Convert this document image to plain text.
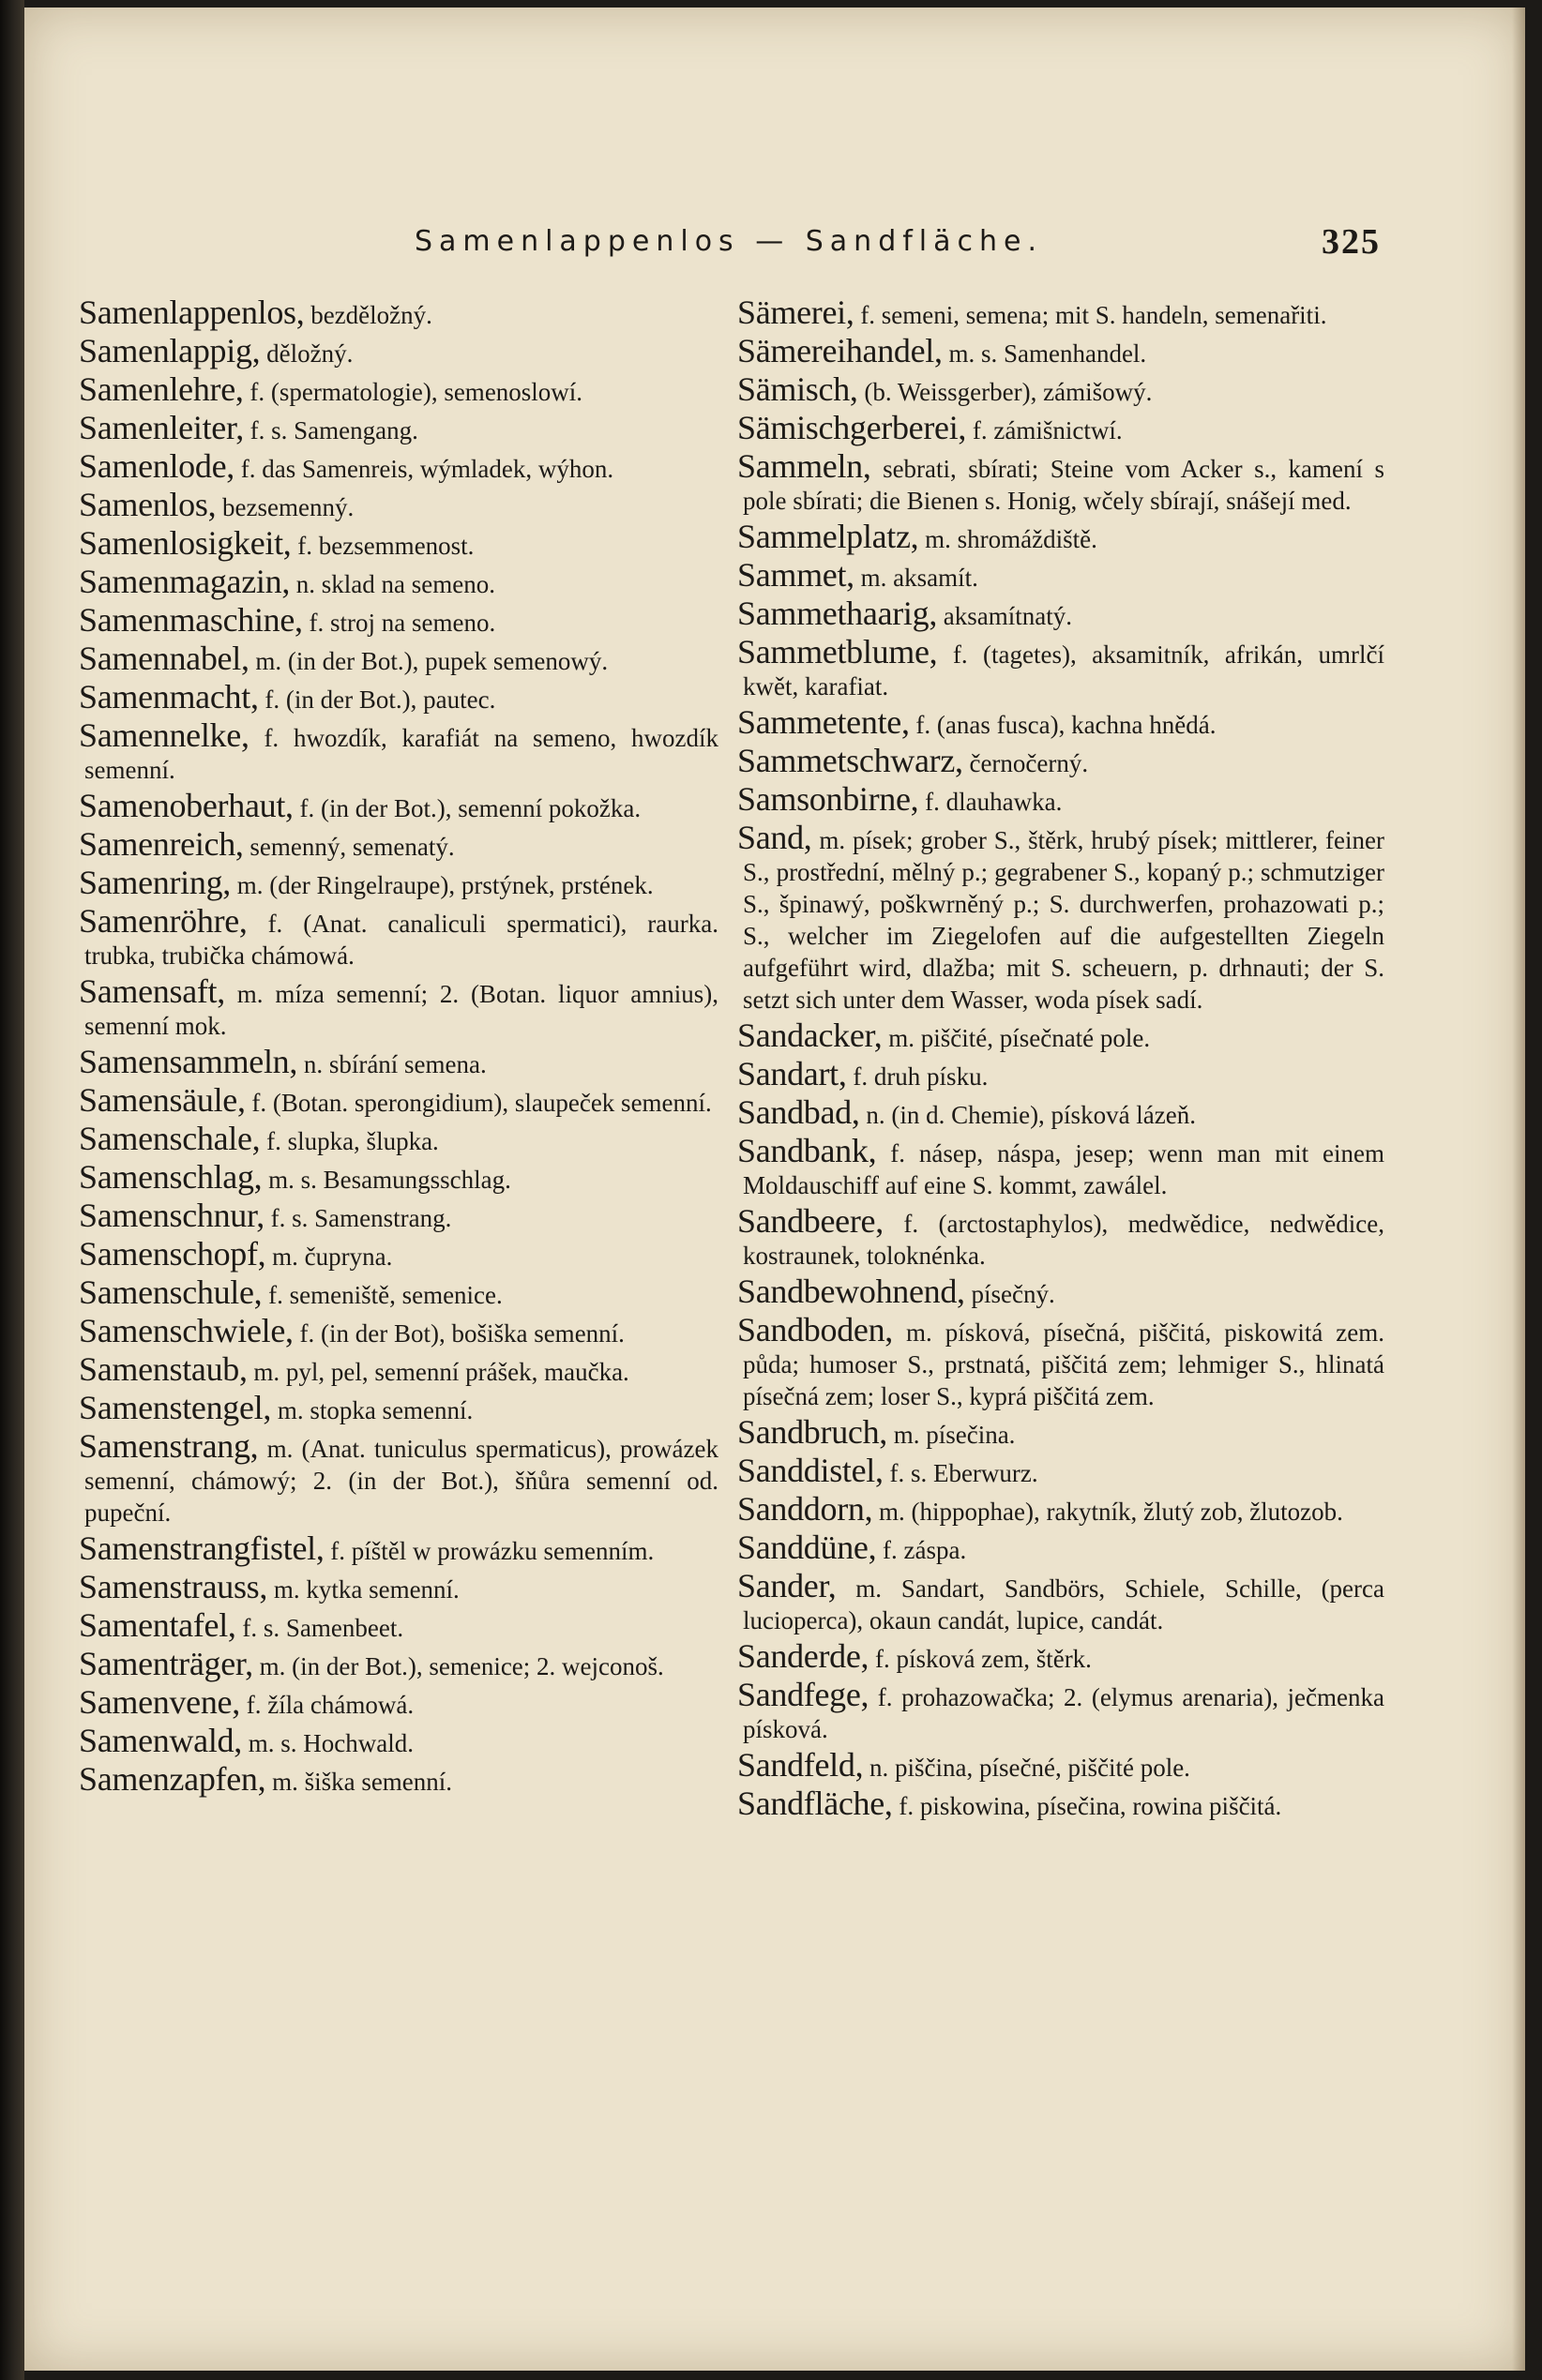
Samenlappenlos — Sandfläche.	325

Samenlappenlos, bezděložný.

Samenlappig, děložný.

Samenlehre, f. (spermatologie), semenoslowí.

Samenleiter, f. s. Samengang.

Samenlode, f. das Samenreis, wýmladek, wýhon.

Samenlos, bezsemenný.

Samenlosigkeit, f. bezsemmenost.

Samenmagazin, n. sklad na semeno.

Samenmaschine, f. stroj na semeno.

Samennabel, m. (in der Bot.), pupek semenowý.

Samenmacht, f. (in der Bot.), pautec.

Samennelke, f. hwozdík, karafiát na semeno, hwozdík semenní.

Samenoberhaut, f. (in der Bot.), semenní pokožka.

Samenreich, semenný, semenatý.

Samenring, m. (der Ringelraupe), prstýnek, prstének.

Samenröhre, f. (Anat. canaliculi spermatici), raurka. trubka, trubička chámowá.

Samensaft, m. mízа semenní; 2. (Botan. liquor amnius), semenní mok.

Samensammeln, n. sbírání semena.

Samensäule, f. (Botan. sperongidium), slaupeček semenní.

Samenschale, f. slupka, šlupka.

Samenschlag, m. s. Besamungsschlag.

Samenschnur, f. s. Samenstrang.

Samenschopf, m. čupryna.

Samenschule, f. semeniště, semenice.

Samenschwiele, f. (in der Bot), bošiška semenní.

Samenstaub, m. pyl, pel, semenní prášek, maučka.

Samenstengel, m. stopka semenní.

Samenstrang, m. (Anat. tuniculus spermaticus), prowázek semenní, chámowý; 2. (in der Bot.), šňůra semenní od. pupeční.

Samenstrangfistel, f. píštěl w prowázku semenním.

Samenstrauss, m. kytka semenní.

Samentafel, f. s. Samenbeet.

Samenträger, m. (in der Bot.), semenice; 2. wejconoš.

Samenvene, f. žíla chámowá.

Samenwald, m. s. Hochwald.

Samenzapfen, m. šiška semenní.

Sämerei, f. semeni, semena; mit S. handeln, semenařiti.

Sämereihandel, m. s. Samenhandel.

Sämisch, (b. Weissgerber), zámišowý.

Sämischgerberei, f. zámišnictwí.

Sammeln, sebrati, sbírati; Steine vom Acker s., kamení s pole sbírati; die Bienen s. Honig, wčely sbírají, snášejí med.

Sammelplatz, m. shromáždiště.

Sammet, m. aksamít.

Sammethaarig, aksamítnatý.

Sammetblume, f. (tagetes), aksamitník, afrikán, umrlčí kwět, karafiat.

Sammetente, f. (anas fusca), kachna hnědá.

Sammetschwarz, černočerný.

Samsonbirne, f. dlauhawka.

Sand, m. písek; grober S., štěrk, hrubý písek; mittlerer, feiner S., prostřední, mělný p.; gegrabener S., kopaný p.; schmutziger S., špinawý, poškwrněný p.; S. durchwerfen, prohazowati p.; S., welcher im Ziegelofen auf die aufgestellten Ziegeln aufgeführt wird, dlažba; mit S. scheuern, p. drhnauti; der S. setzt sich unter dem Wasser, woda písek sadí.

Sandacker, m. piščité, písečnaté pole.

Sandart, f. druh písku.

Sandbad, n. (in d. Chemie), písková lázeň.

Sandbank, f. násep, náspa, jesep; wenn man mit einem Moldauschiff auf eine S. kommt, zawálel.

Sandbeere, f. (arctostaphylos), medwědice, nedwědice, kostraunek, toloknénka.

Sandbewohnend, písečný.

Sandboden, m. písková, písečná, piščitá, piskowitá zem. půda; humoser S., prstnatá, piščitá zem; lehmiger S., hlinatá písečná zem; loser S., kyprá piščitá zem.

Sandbruch, m. písečina.

Sanddistel, f. s. Eberwurz.

Sanddorn, m. (hippophae), rakytník, žlutý zob, žlutozob.

Sanddüne, f. záspa.

Sander, m. Sandart, Sandbörs, Schiele, Schille, (perca lucioperca), okaun candát, lupice, candát.

Sanderde, f. písková zem, štěrk.

Sandfege, f. prohazowačka; 2. (elymus arenaria), ječmenka písková.

Sandfeld, n. piščina, písečné, piščité pole.

Sandfläche, f. piskowina, písečina, rowina piščitá.
